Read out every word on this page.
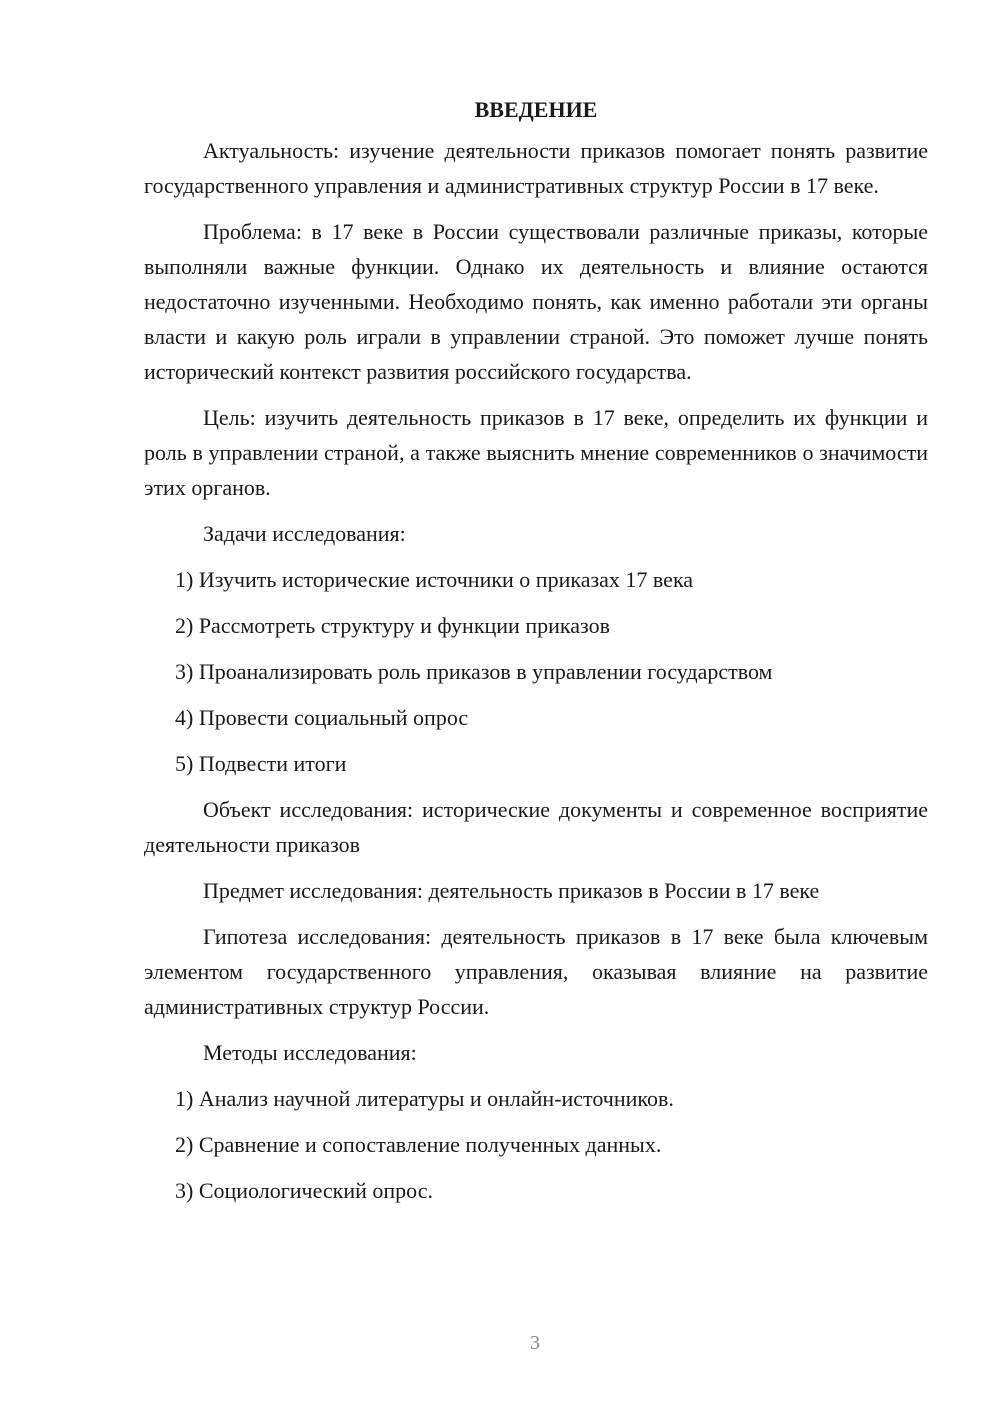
ВВЕДЕНИЕ

Актуальность: изучение деятельности приказов помогает понять развитие государственного управления и административных структур России в 17 веке.

Проблема: в 17 веке в России существовали различные приказы, которые выполняли важные функции. Однако их деятельность и влияние остаются недостаточно изученными. Необходимо понять, как именно работали эти органы власти и какую роль играли в управлении страной. Это поможет лучше понять исторический контекст развития российского государства.

Цель: изучить деятельность приказов в 17 веке, определить их функции и роль в управлении страной, а также выяснить мнение современников о значимости этих органов.

Задачи исследования:

1) Изучить исторические источники о приказах 17 века

2) Рассмотреть структуру и функции приказов

3) Проанализировать роль приказов в управлении государством

4) Провести социальный опрос

5) Подвести итоги

Объект исследования: исторические документы и современное восприятие деятельности приказов

Предмет исследования: деятельность приказов в России в 17 веке

Гипотеза исследования: деятельность приказов в 17 веке была ключевым элементом государственного управления, оказывая влияние на развитие административных структур России.

Методы исследования:

1) Анализ научной литературы и онлайн-источников.

2) Сравнение и сопоставление полученных данных.

3) Социологический опрос.

3
